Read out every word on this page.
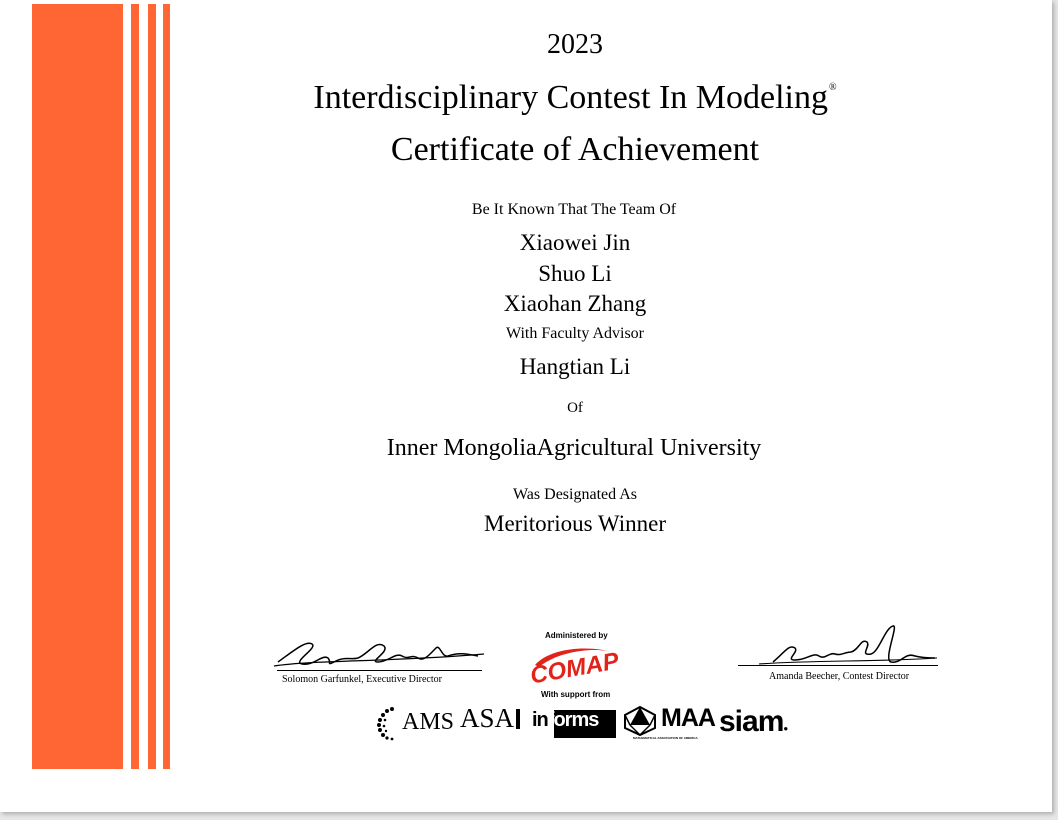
2023
Interdisciplinary Contest In Modeling®
Certificate of Achievement
Be It Known That The Team Of
Xiaowei Jin
Shuo Li
Xiaohan Zhang
With Faculty Advisor
Hangtian Li
Of
Inner MongoliaAgricultural University
Was Designated As
Meritorious Winner
Solomon Garfunkel, Executive Director	Amanda Beecher, Contest Director
Administered by
COMAP
With support from
AMS ASA informs	MAA
MATHEMATICAL ASSOCIATION OF AMERICA siam●
